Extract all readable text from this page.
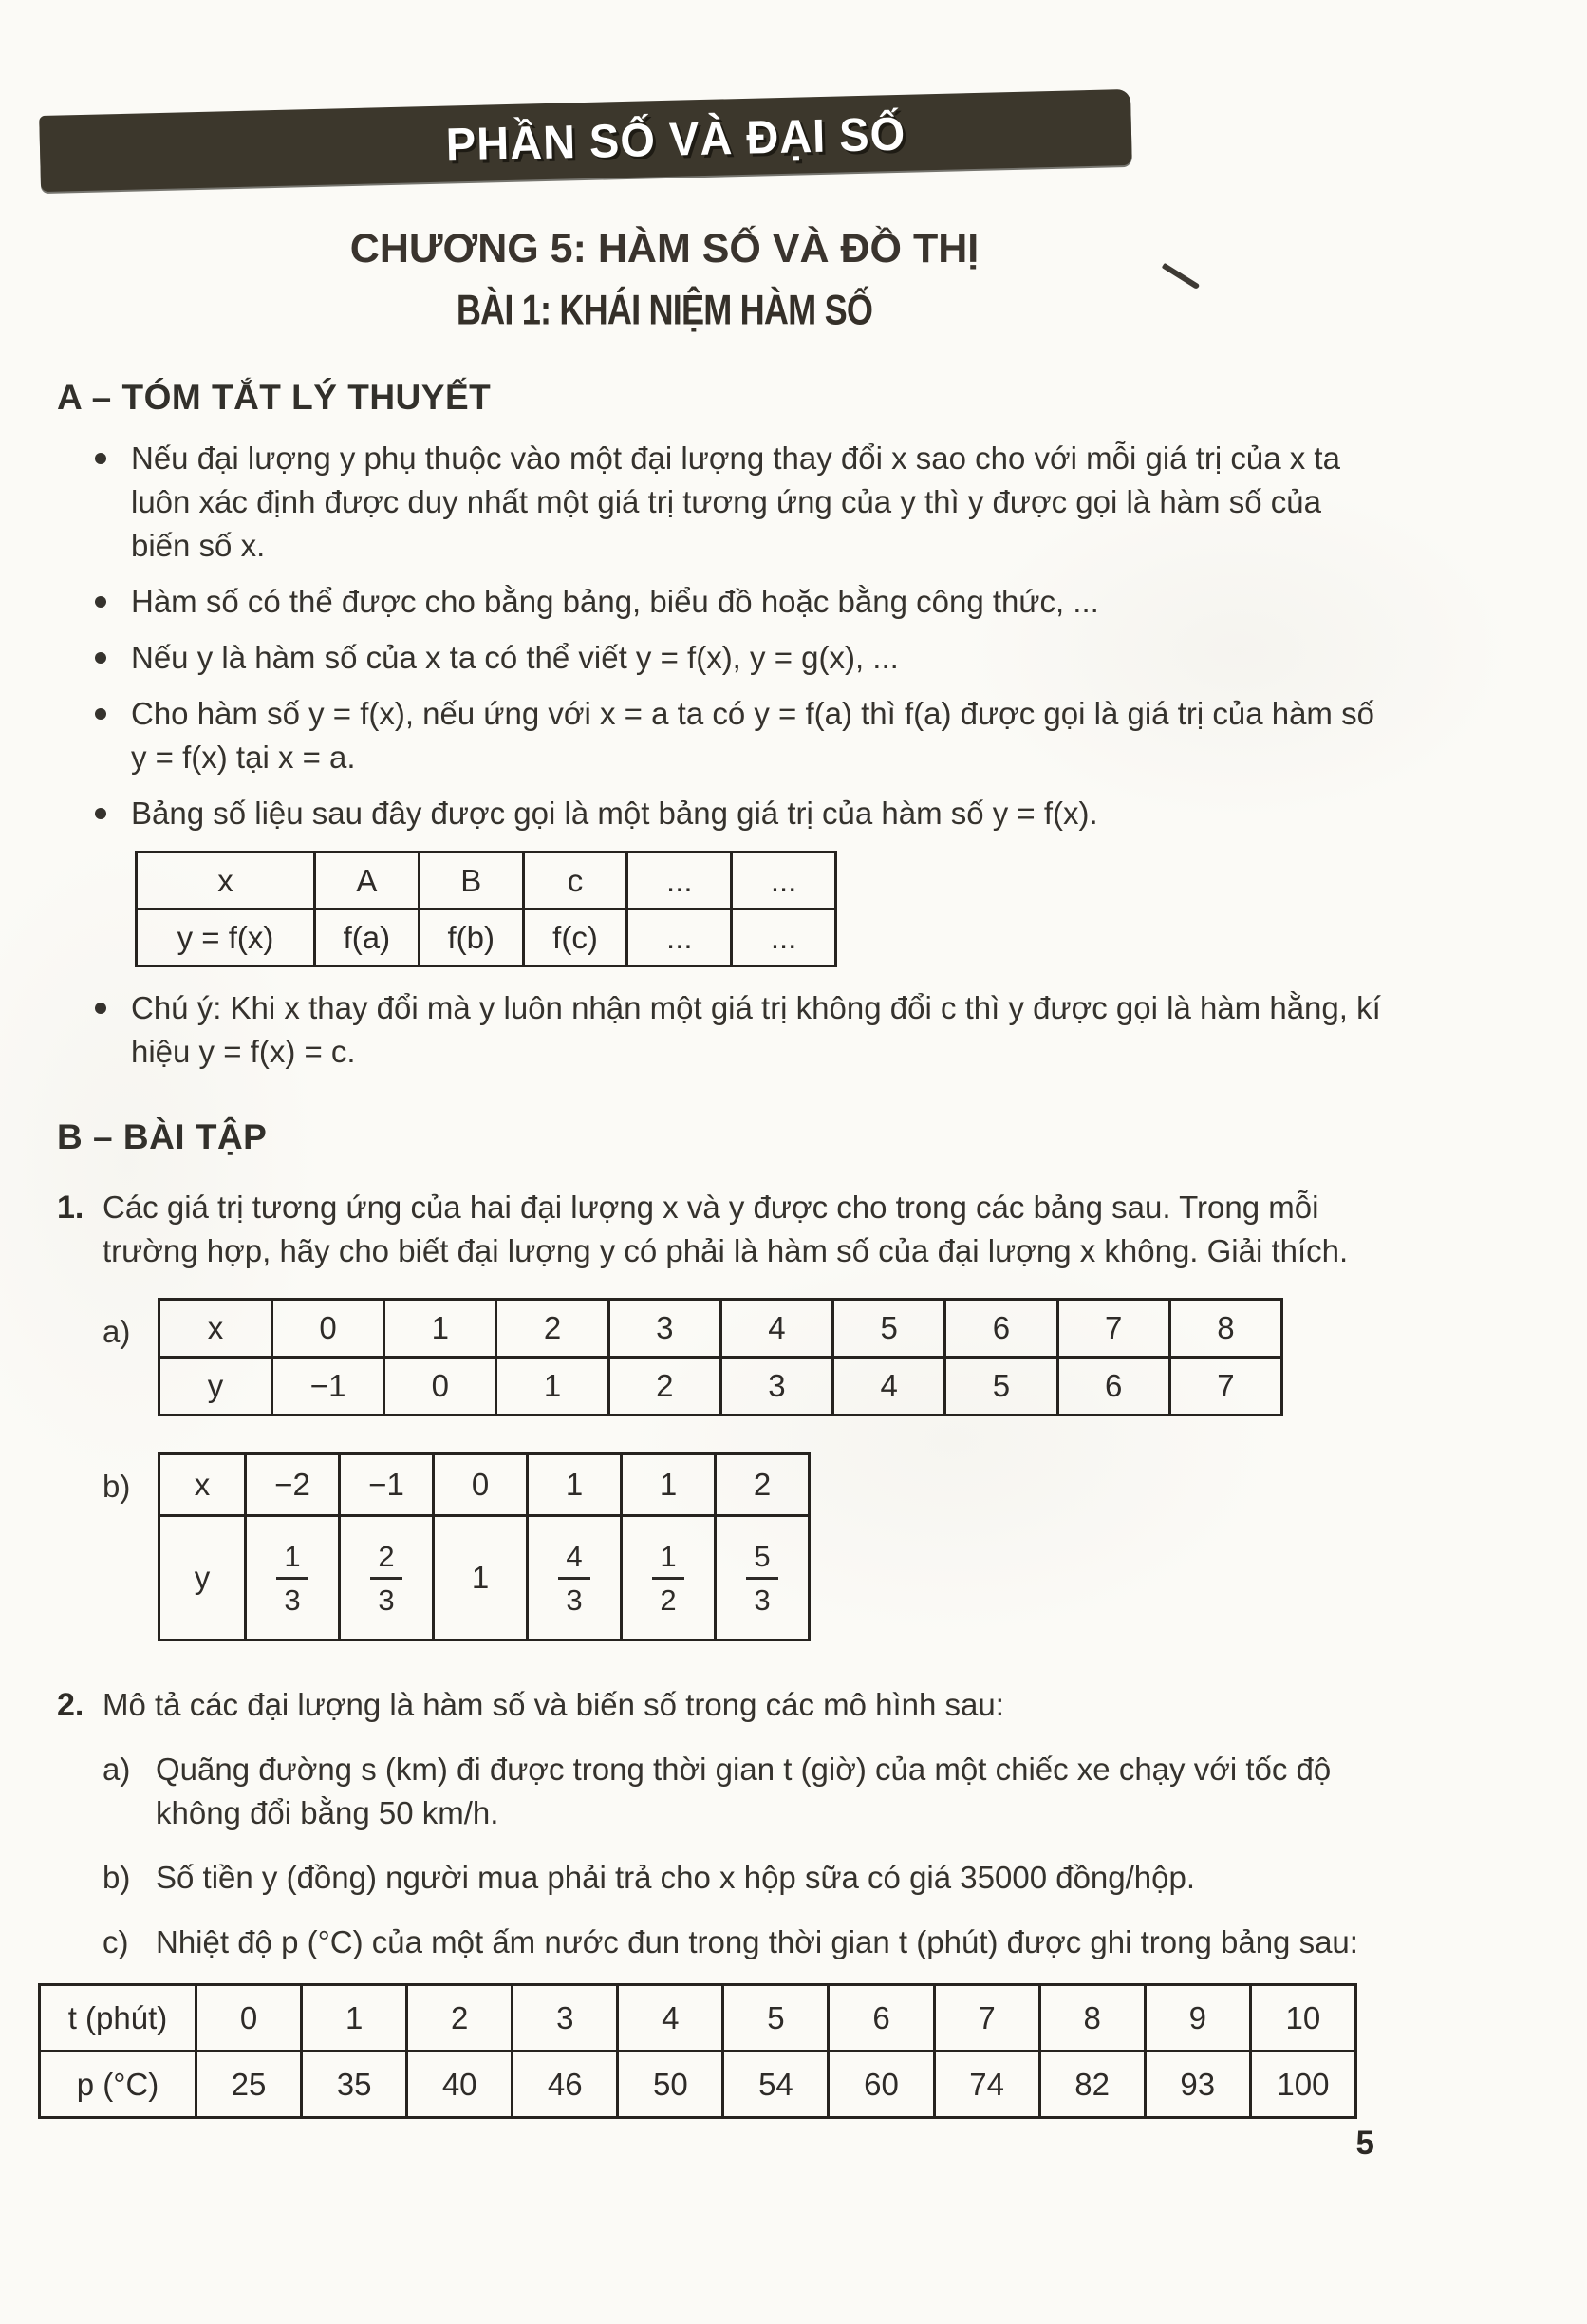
PHẦN SỐ VÀ ĐẠI SỐ
CHƯƠNG 5: HÀM SỐ VÀ ĐỒ THỊ
BÀI 1: KHÁI NIỆM HÀM SỐ
A – TÓM TẮT LÝ THUYẾT
Nếu đại lượng y phụ thuộc vào một đại lượng thay đổi x sao cho với mỗi giá trị của x ta luôn xác định được duy nhất một giá trị tương ứng của y thì y được gọi là hàm số của biến số x.
Hàm số có thể được cho bằng bảng, biểu đồ hoặc bằng công thức, ...
Nếu y là hàm số của x ta có thể viết y = f(x), y = g(x), ...
Cho hàm số y = f(x), nếu ứng với x = a ta có y = f(a) thì f(a) được gọi là giá trị của hàm số y = f(x) tại x = a.
Bảng số liệu sau đây được gọi là một bảng giá trị của hàm số y = f(x).
x	A	B	c	...	...
y = f(x)	f(a)	f(b)	f(c)	...	...
Chú ý: Khi x thay đổi mà y luôn nhận một giá trị không đổi c thì y được gọi là hàm hằng, kí hiệu y = f(x) = c.
B – BÀI TẬP
1. Các giá trị tương ứng của hai đại lượng x và y được cho trong các bảng sau. Trong mỗi trường hợp, hãy cho biết đại lượng y có phải là hàm số của đại lượng x không. Giải thích.
a)	x	0	1	2	3	4	5	6	7	8
y	−1	0	1	2	3	4	5	6	7
b)	x	−2	−1	0	1	1	2
y	$\frac{1}{3}$	$\frac{2}{3}$	1	$\frac{4}{3}$	$\frac{1}{2}$	$\frac{5}{3}$
2. Mô tả các đại lượng là hàm số và biến số trong các mô hình sau:
a) Quãng đường s (km) đi được trong thời gian t (giờ) của một chiếc xe chạy với tốc độ không đổi bằng 50 km/h.
b) Số tiền y (đồng) người mua phải trả cho x hộp sữa có giá 35000 đồng/hộp.
c) Nhiệt độ p (°C) của một ấm nước đun trong thời gian t (phút) được ghi trong bảng sau:
t (phút)	0	1	2	3	4	5	6	7	8	9	10
p (°C)	25	35	40	46	50	54	60	74	82	93	100
5
